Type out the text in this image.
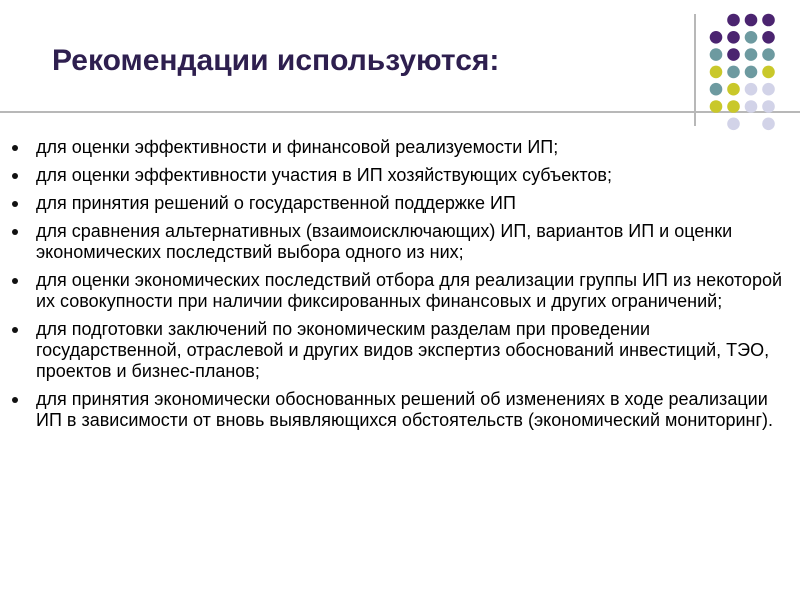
Рекомендации используются:
для оценки эффективности и финансовой реализуемости ИП;
для оценки эффективности участия в ИП хозяйствующих субъектов;
для принятия решений о государственной поддержке ИП
для сравнения альтернативных (взаимоисключающих) ИП, вариантов ИП и оценки экономических последствий выбора одного из них;
для оценки экономических последствий отбора для реализации группы ИП из некоторой их совокупности при наличии фиксированных финансовых и других ограничений;
для подготовки заключений по экономическим разделам при проведении государственной, отраслевой и других видов экспертиз обоснований инвестиций, ТЭО, проектов и бизнес-планов;
для принятия экономически обоснованных решений об изменениях в ходе реализации ИП в зависимости от вновь выявляющихся обстоятельств (экономический мониторинг).
